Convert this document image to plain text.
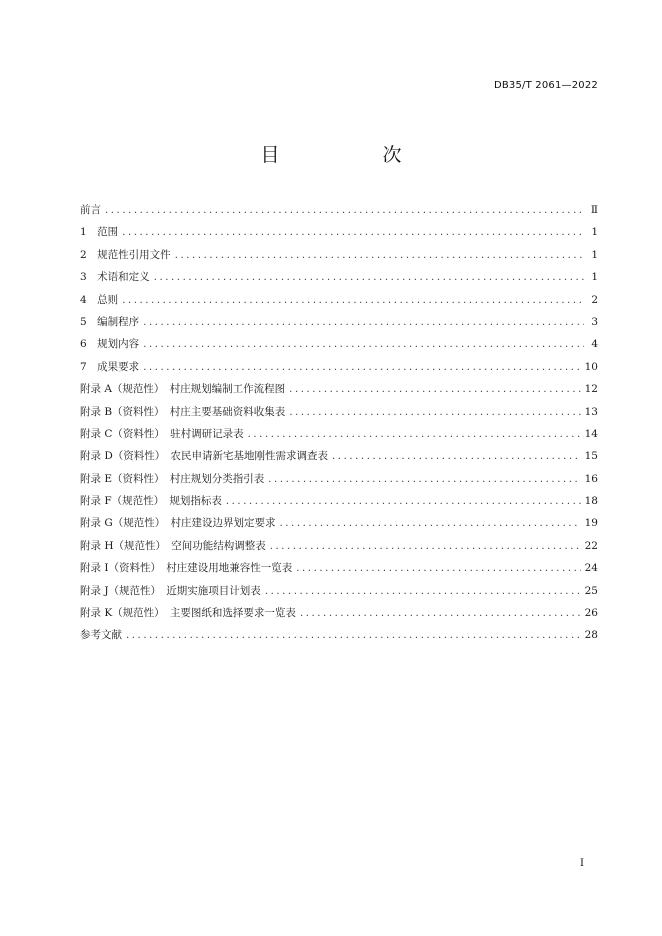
DB35/T 2061—2022
目　次
前言 .....	Ⅱ
1　范围 .....	1
2　规范性引用文件 .....	1
3　术语和定义 .....	1
4　总则 .....	2
5　编制程序 .....	3
6　规划内容 .....	4
7　成果要求 .....	10
附录 A（规范性）　村庄规划编制工作流程图 .....	12
附录 B（资料性）　村庄主要基础资料收集表 .....	13
附录 C（资料性）　驻村调研记录表 .....	14
附录 D（资料性）　农民申请新宅基地刚性需求调查表 .....	15
附录 E（资料性）　村庄规划分类指引表 .....	16
附录 F（规范性）　规划指标表 .....	18
附录 G（规范性）　村庄建设边界划定要求 .....	19
附录 H（规范性）　空间功能结构调整表 .....	22
附录 I（资料性）　村庄建设用地兼容性一览表 .....	24
附录 J（规范性）　近期实施项目计划表 .....	25
附录 K（规范性）　主要图纸和选择要求一览表 .....	26
参考文献 .....	28
I
